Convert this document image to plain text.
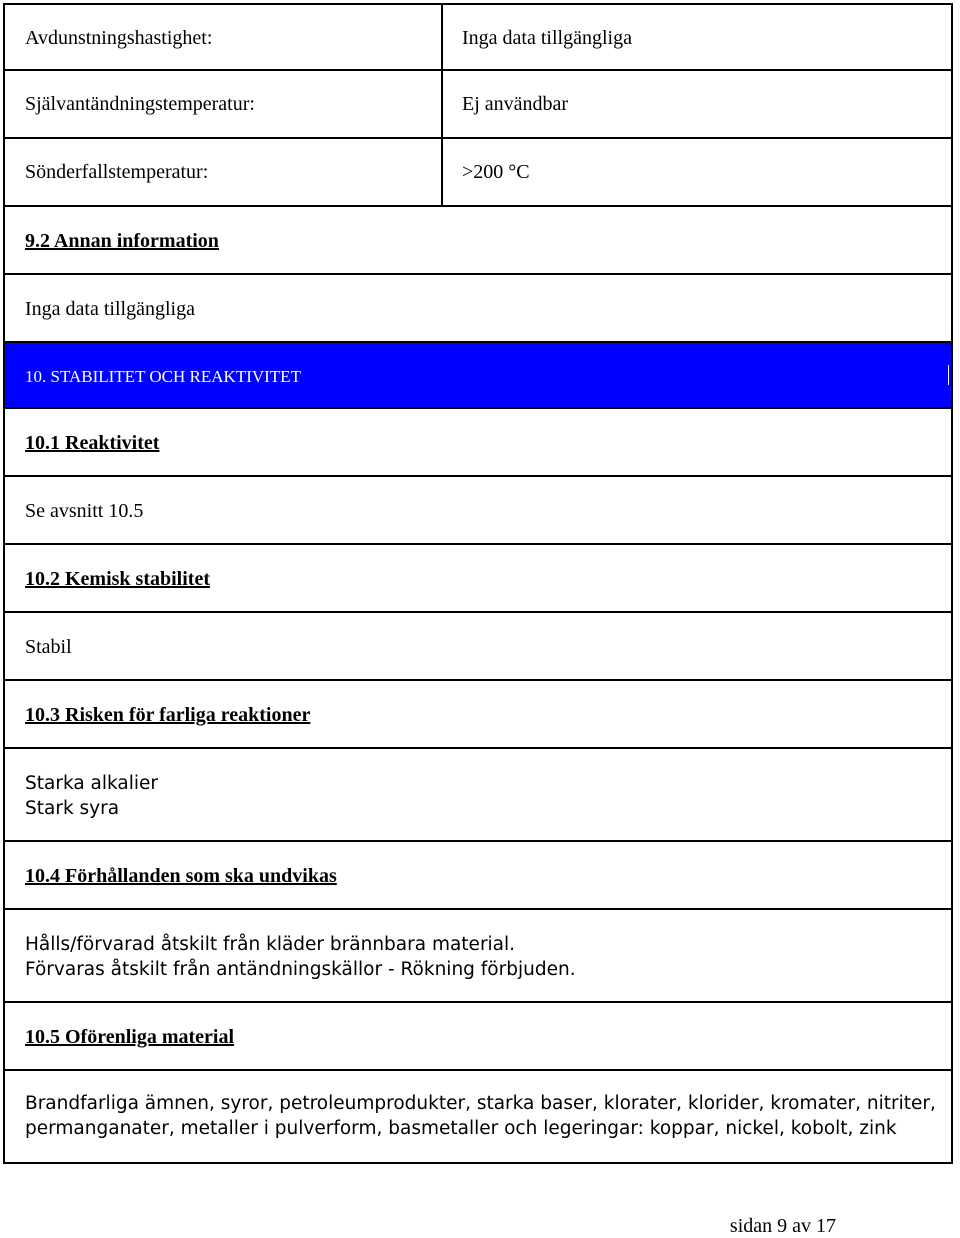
Avdunstningshastighet:	Inga data tillgängliga
Självantändningstemperatur:	Ej användbar
Sönderfallstemperatur:	>200 °C
9.2 Annan information
Inga data tillgängliga
10. STABILITET OCH REAKTIVITET
10.1 Reaktivitet
Se avsnitt 10.5
10.2 Kemisk stabilitet
Stabil
10.3 Risken för farliga reaktioner
Starka alkalier
Stark syra
10.4 Förhållanden som ska undvikas
Hålls/förvarad åtskilt från kläder brännbara material.
Förvaras åtskilt från antändningskällor - Rökning förbjuden.
10.5 Oförenliga material
Brandfarliga ämnen, syror, petroleumprodukter, starka baser, klorater, klorider, kromater, nitriter,
permanganater, metaller i pulverform, basmetaller och legeringar: koppar, nickel, kobolt, zink
sidan 9 av 17
